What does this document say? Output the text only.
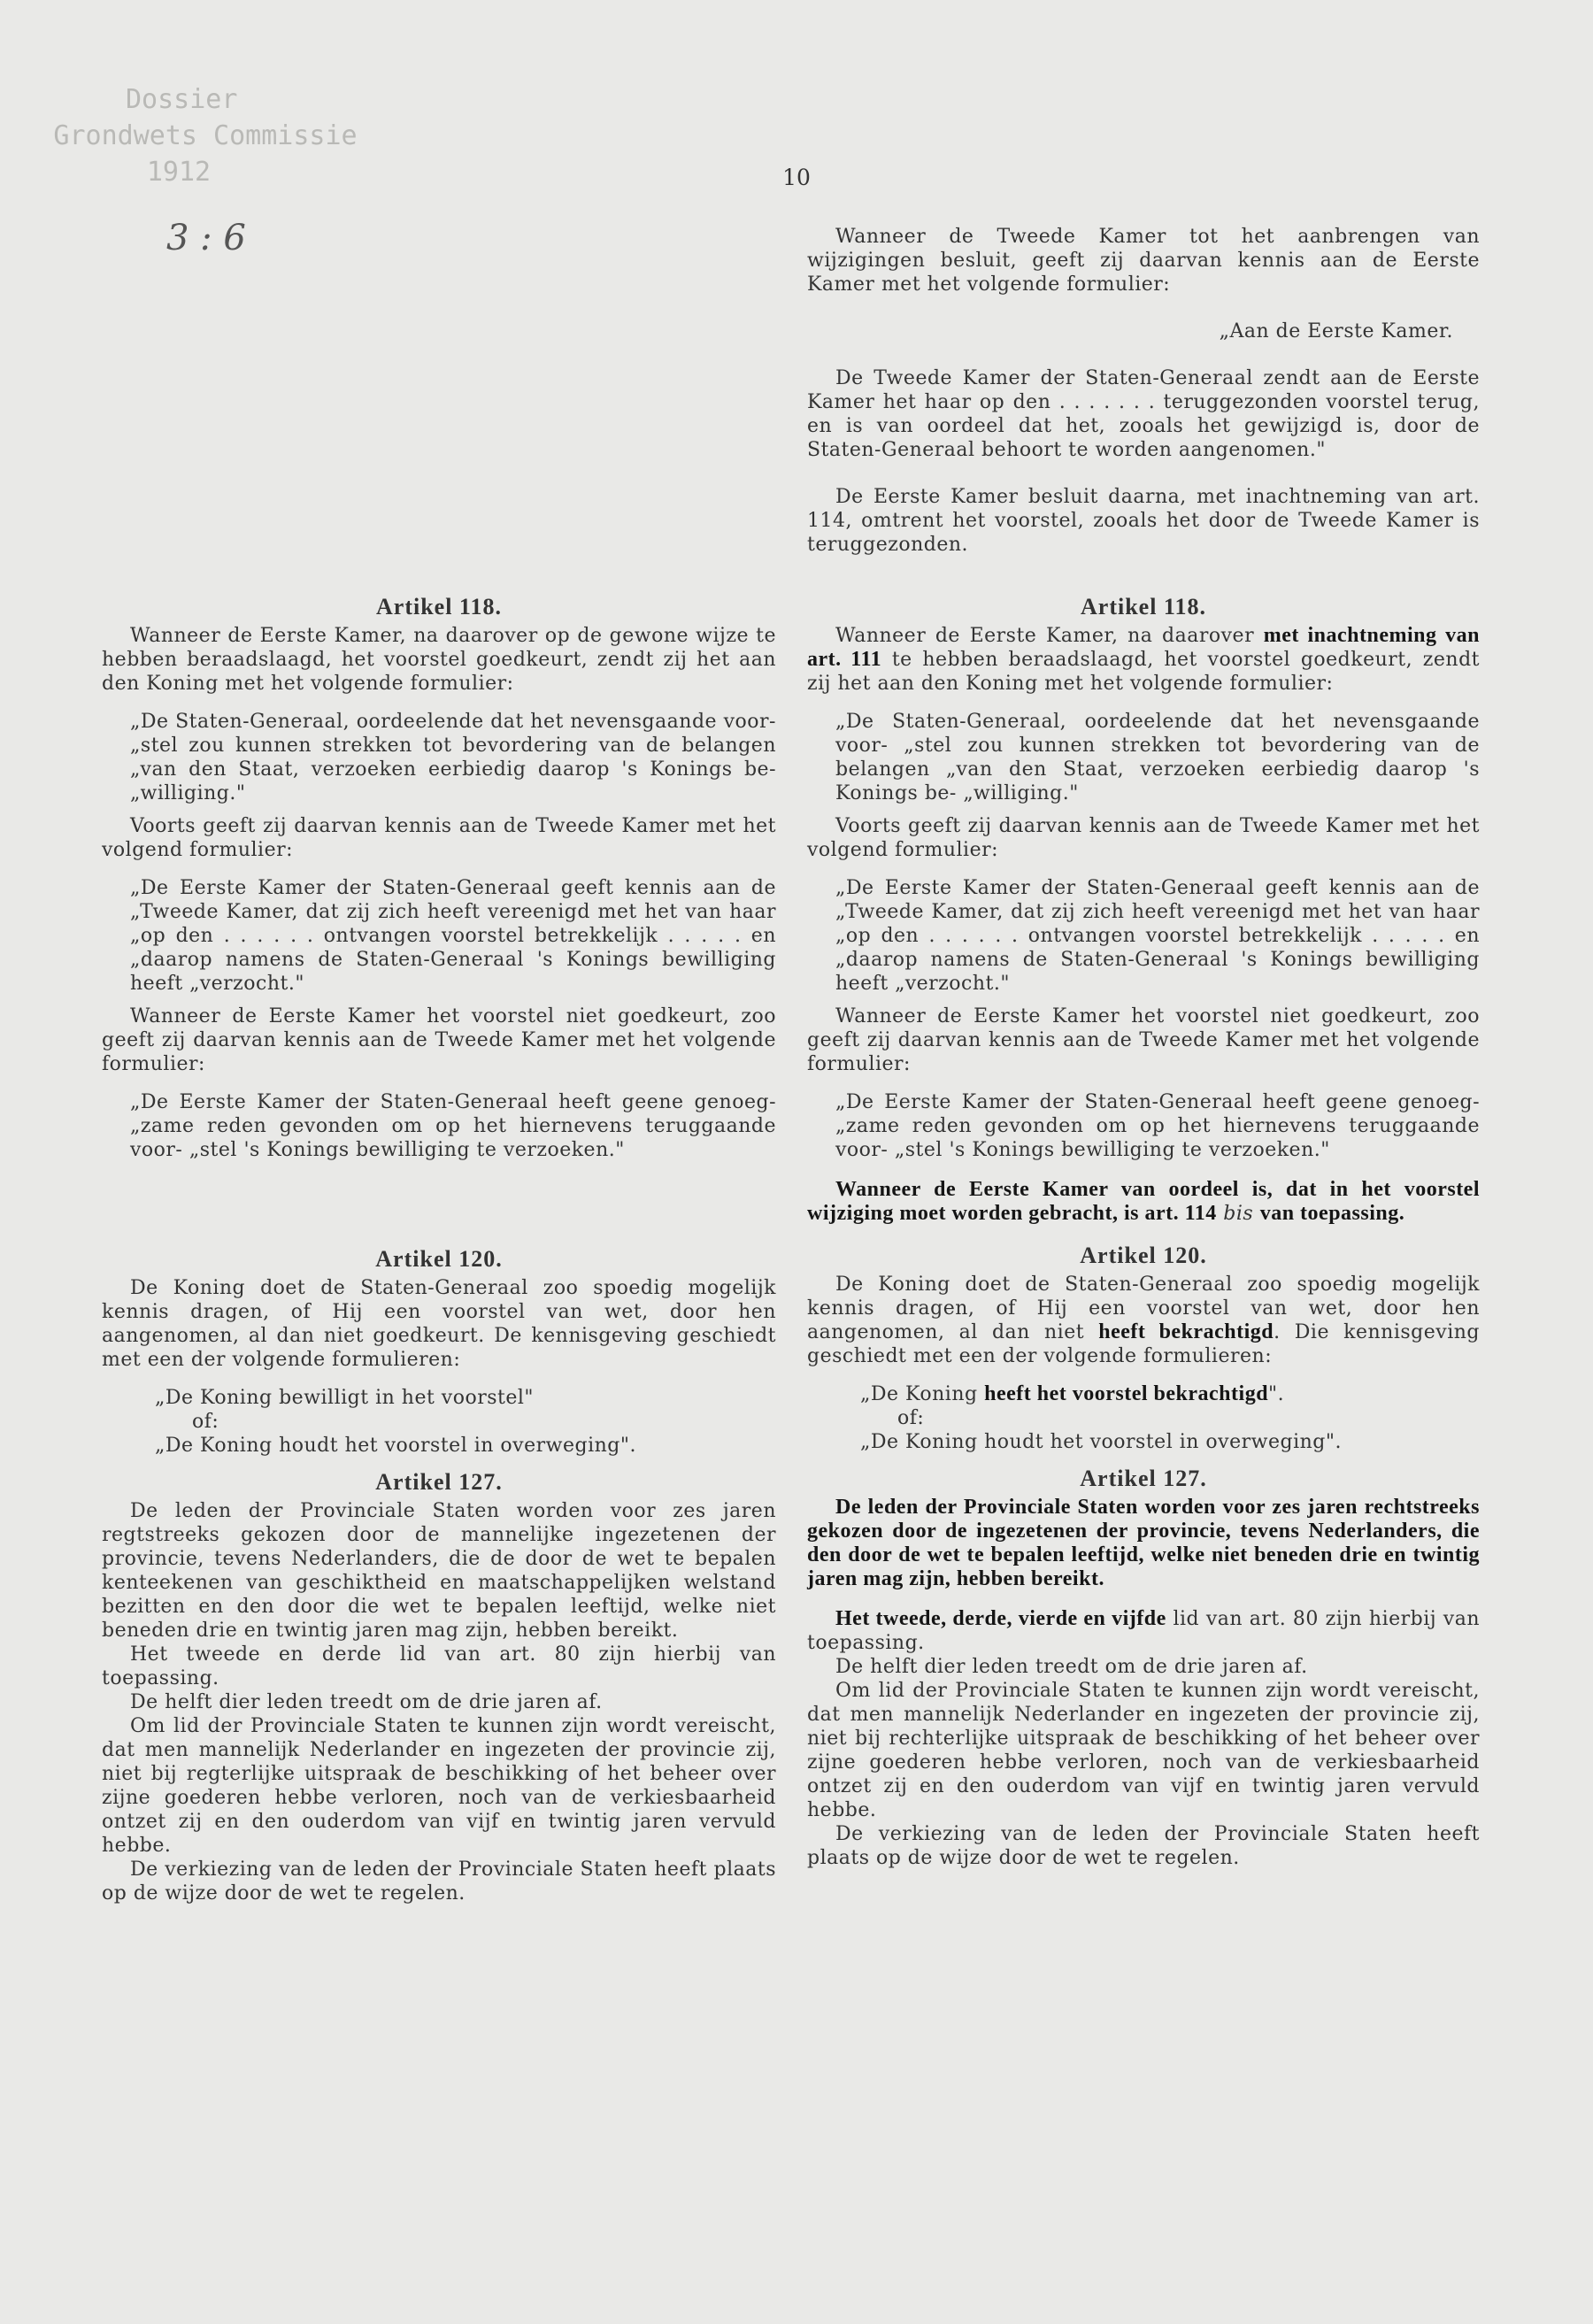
Dossier
Grondwets Commissie
1912
3 : 6
10

Wanneer de Tweede Kamer tot het aanbrengen van wijzigingen besluit, geeft zij daarvan kennis aan de Eerste Kamer met het volgende formulier:

„Aan de Eerste Kamer.

De Tweede Kamer der Staten-Generaal zendt aan de Eerste Kamer het haar op den . . . . . . . teruggezonden voorstel terug, en is van oordeel dat het, zooals het gewijzigd is, door de Staten-Generaal behoort te worden aangenomen."

De Eerste Kamer besluit daarna, met inachtneming van art. 114, omtrent het voorstel, zooals het door de Tweede Kamer is teruggezonden.

Artikel 118.

Wanneer de Eerste Kamer, na daarover op de gewone wijze te hebben beraadslaagd, het voorstel goedkeurt, zendt zij het aan den Koning met het volgende formulier:

„De Staten-Generaal, oordeelende dat het nevensgaande voor- „stel zou kunnen strekken tot bevordering van de belangen „van den Staat, verzoeken eerbiedig daarop 's Konings be- „williging."

Voorts geeft zij daarvan kennis aan de Tweede Kamer met het volgend formulier:

„De Eerste Kamer der Staten-Generaal geeft kennis aan de „Tweede Kamer, dat zij zich heeft vereenigd met het van haar „op den . . . . . . ontvangen voorstel betrekkelijk . . . . . en „daarop namens de Staten-Generaal 's Konings bewilliging heeft „verzocht."

Wanneer de Eerste Kamer het voorstel niet goedkeurt, zoo geeft zij daarvan kennis aan de Tweede Kamer met het volgende formulier:

„De Eerste Kamer der Staten-Generaal heeft geene genoeg- „zame reden gevonden om op het hiernevens teruggaande voor- „stel 's Konings bewilliging te verzoeken."

Artikel 120.

De Koning doet de Staten-Generaal zoo spoedig mogelijk kennis dragen, of Hij een voorstel van wet, door hen aangenomen, al dan niet goedkeurt. De kennisgeving geschiedt met een der volgende formulieren:

„De Koning bewilligt in het voorstel"

of:

„De Koning houdt het voorstel in overweging".

Artikel 127.

De leden der Provinciale Staten worden voor zes jaren regtstreeks gekozen door de mannelijke ingezetenen der provincie, tevens Nederlanders, die de door de wet te bepalen kenteekenen van geschiktheid en maatschappelijken welstand bezitten en den door die wet te bepalen leeftijd, welke niet beneden drie en twintig jaren mag zijn, hebben bereikt.

Het tweede en derde lid van art. 80 zijn hierbij van toepassing.

De helft dier leden treedt om de drie jaren af.

Om lid der Provinciale Staten te kunnen zijn wordt vereischt, dat men mannelijk Nederlander en ingezeten der provincie zij, niet bij regterlijke uitspraak de beschikking of het beheer over zijne goederen hebbe verloren, noch van de verkiesbaarheid ontzet zij en den ouderdom van vijf en twintig jaren vervuld hebbe.

De verkiezing van de leden der Provinciale Staten heeft plaats op de wijze door de wet te regelen.

Artikel 118.

Wanneer de Eerste Kamer, na daarover met inachtneming van art. 111 te hebben beraadslaagd, het voorstel goedkeurt, zendt zij het aan den Koning met het volgende formulier:

„De Staten-Generaal, oordeelende dat het nevensgaande voor- „stel zou kunnen strekken tot bevordering van de belangen „van den Staat, verzoeken eerbiedig daarop 's Konings be- „williging."

Voorts geeft zij daarvan kennis aan de Tweede Kamer met het volgend formulier:

„De Eerste Kamer der Staten-Generaal geeft kennis aan de „Tweede Kamer, dat zij zich heeft vereenigd met het van haar „op den . . . . . . ontvangen voorstel betrekkelijk . . . . . en „daarop namens de Staten-Generaal 's Konings bewilliging heeft „verzocht."

Wanneer de Eerste Kamer het voorstel niet goedkeurt, zoo geeft zij daarvan kennis aan de Tweede Kamer met het volgende formulier:

„De Eerste Kamer der Staten-Generaal heeft geene genoeg- „zame reden gevonden om op het hiernevens teruggaande voor- „stel 's Konings bewilliging te verzoeken."

Wanneer de Eerste Kamer van oordeel is, dat in het voorstel wijziging moet worden gebracht, is art. 114 bis van toepassing.

Artikel 120.

De Koning doet de Staten-Generaal zoo spoedig mogelijk kennis dragen, of Hij een voorstel van wet, door hen aangenomen, al dan niet heeft bekrachtigd. Die kennisgeving geschiedt met een der volgende formulieren:

„De Koning heeft het voorstel bekrachtigd".

of:

„De Koning houdt het voorstel in overweging".

Artikel 127.

De leden der Provinciale Staten worden voor zes jaren rechtstreeks gekozen door de ingezetenen der provincie, tevens Nederlanders, die den door de wet te bepalen leeftijd, welke niet beneden drie en twintig jaren mag zijn, hebben bereikt.

Het tweede, derde, vierde en vijfde lid van art. 80 zijn hierbij van toepassing.

De helft dier leden treedt om de drie jaren af.

Om lid der Provinciale Staten te kunnen zijn wordt vereischt, dat men mannelijk Nederlander en ingezeten der provincie zij, niet bij rechterlijke uitspraak de beschikking of het beheer over zijne goederen hebbe verloren, noch van de verkiesbaarheid ontzet zij en den ouderdom van vijf en twintig jaren vervuld hebbe.

De verkiezing van de leden der Provinciale Staten heeft plaats op de wijze door de wet te regelen.
